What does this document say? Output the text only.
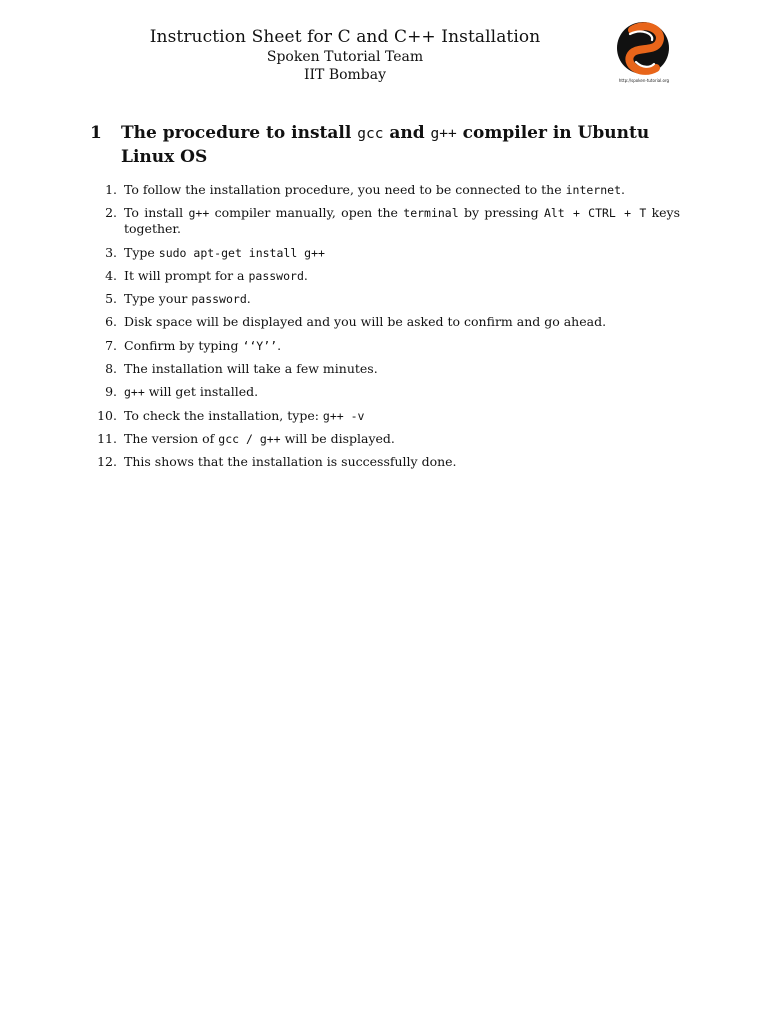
Instruction Sheet for C and C++ Installation
Spoken Tutorial Team
IIT Bombay	http://spoken-tutorial.org
1 The procedure to install gcc and g++ compiler in Ubuntu Linux OS
1. To follow the installation procedure, you need to be connected to the internet.
2. To install g++ compiler manually, open the terminal by pressing Alt + CTRL + T keys together.
3. Type sudo apt-get install g++
4. It will prompt for a password.
5. Type your password.
6. Disk space will be displayed and you will be asked to confirm and go ahead.
7. Confirm by typing ‘‘Y’’.
8. The installation will take a few minutes.
9. g++ will get installed.
10. To check the installation, type: g++ -v
11. The version of gcc / g++ will be displayed.
12. This shows that the installation is successfully done.
